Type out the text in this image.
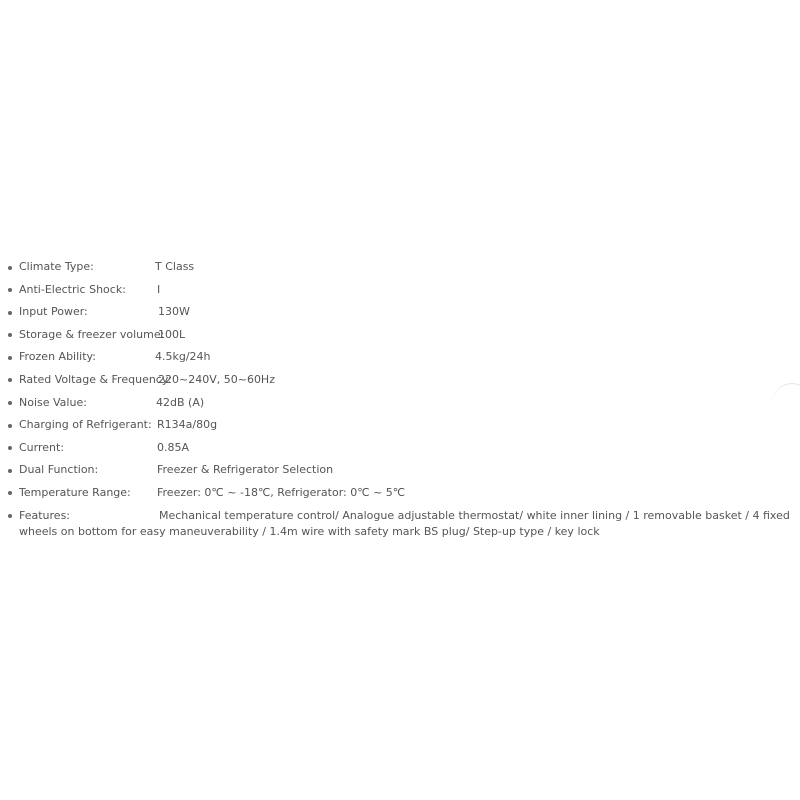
Climate Type:	T Class
Anti-Electric Shock:	I
Input Power:	130W
Storage & freezer volume:100L
Frozen Ability:	4.5kg/24h
Rated Voltage & Frequency:220~240V, 50~60Hz
Noise Value:	42dB (A)
Charging of Refrigerant: R134a/80g
Current:	0.85A
Dual Function:	Freezer & Refrigerator Selection
Temperature Range: Freezer: 0℃ ~ -18℃, Refrigerator: 0℃ ~ 5℃
Features:	Mechanical temperature control/ Analogue adjustable thermostat/ white inner lining / 1 removable basket / 4 fixed wheels on bottom for easy maneuverability / 1.4m wire with safety mark BS plug/ Step-up type / key lock
